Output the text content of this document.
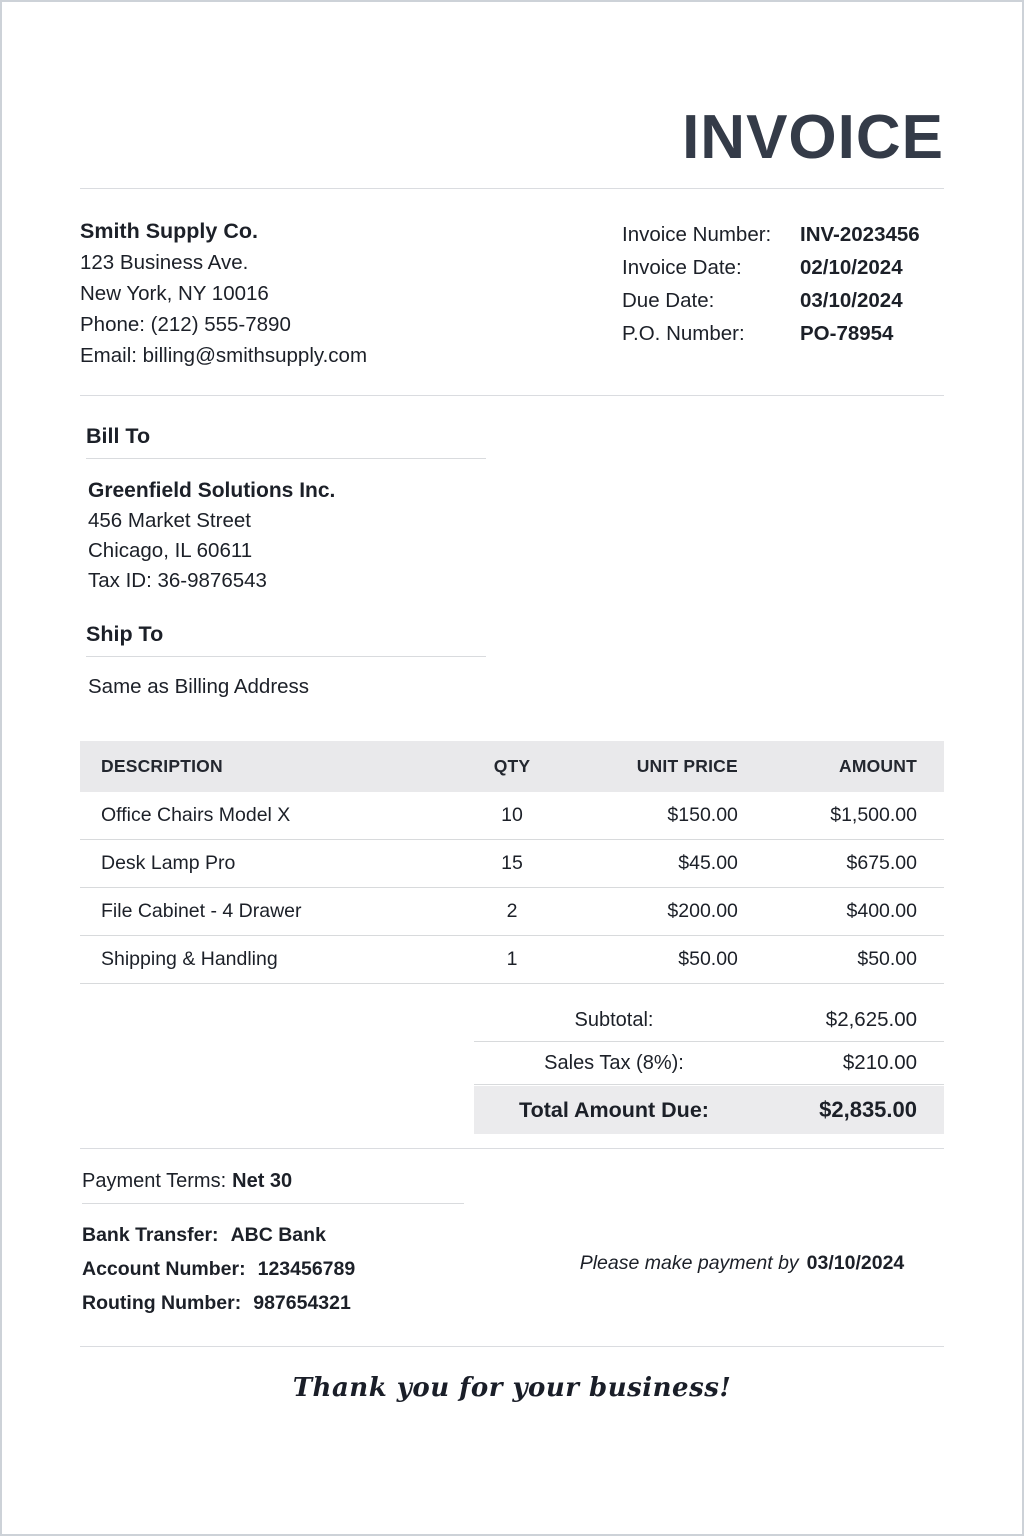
INVOICE
Smith Supply Co.
123 Business Ave.
New York, NY 10016
Phone: (212) 555-7890
Email: billing@smithsupply.com
Invoice Number:	INV-2023456
Invoice Date:	02/10/2024
Due Date:	03/10/2024
P.O. Number:	PO-78954
Bill To
Greenfield Solutions Inc.
456 Market Street
Chicago, IL 60611
Tax ID: 36-9876543
Ship To
Same as Billing Address
DESCRIPTION	QTY	UNIT PRICE	AMOUNT
Office Chairs Model X	10	$150.00	$1,500.00
Desk Lamp Pro	15	$45.00	$675.00
File Cabinet - 4 Drawer	2	$200.00	$400.00
Shipping & Handling	1	$50.00	$50.00
Subtotal:	$2,625.00
Sales Tax (8%):	$210.00
Total Amount Due:	$2,835.00
Payment Terms: Net 30
Bank Transfer: ABC Bank
Account Number: 123456789
Routing Number: 987654321
Please make payment by 03/10/2024
Thank you for your business!
